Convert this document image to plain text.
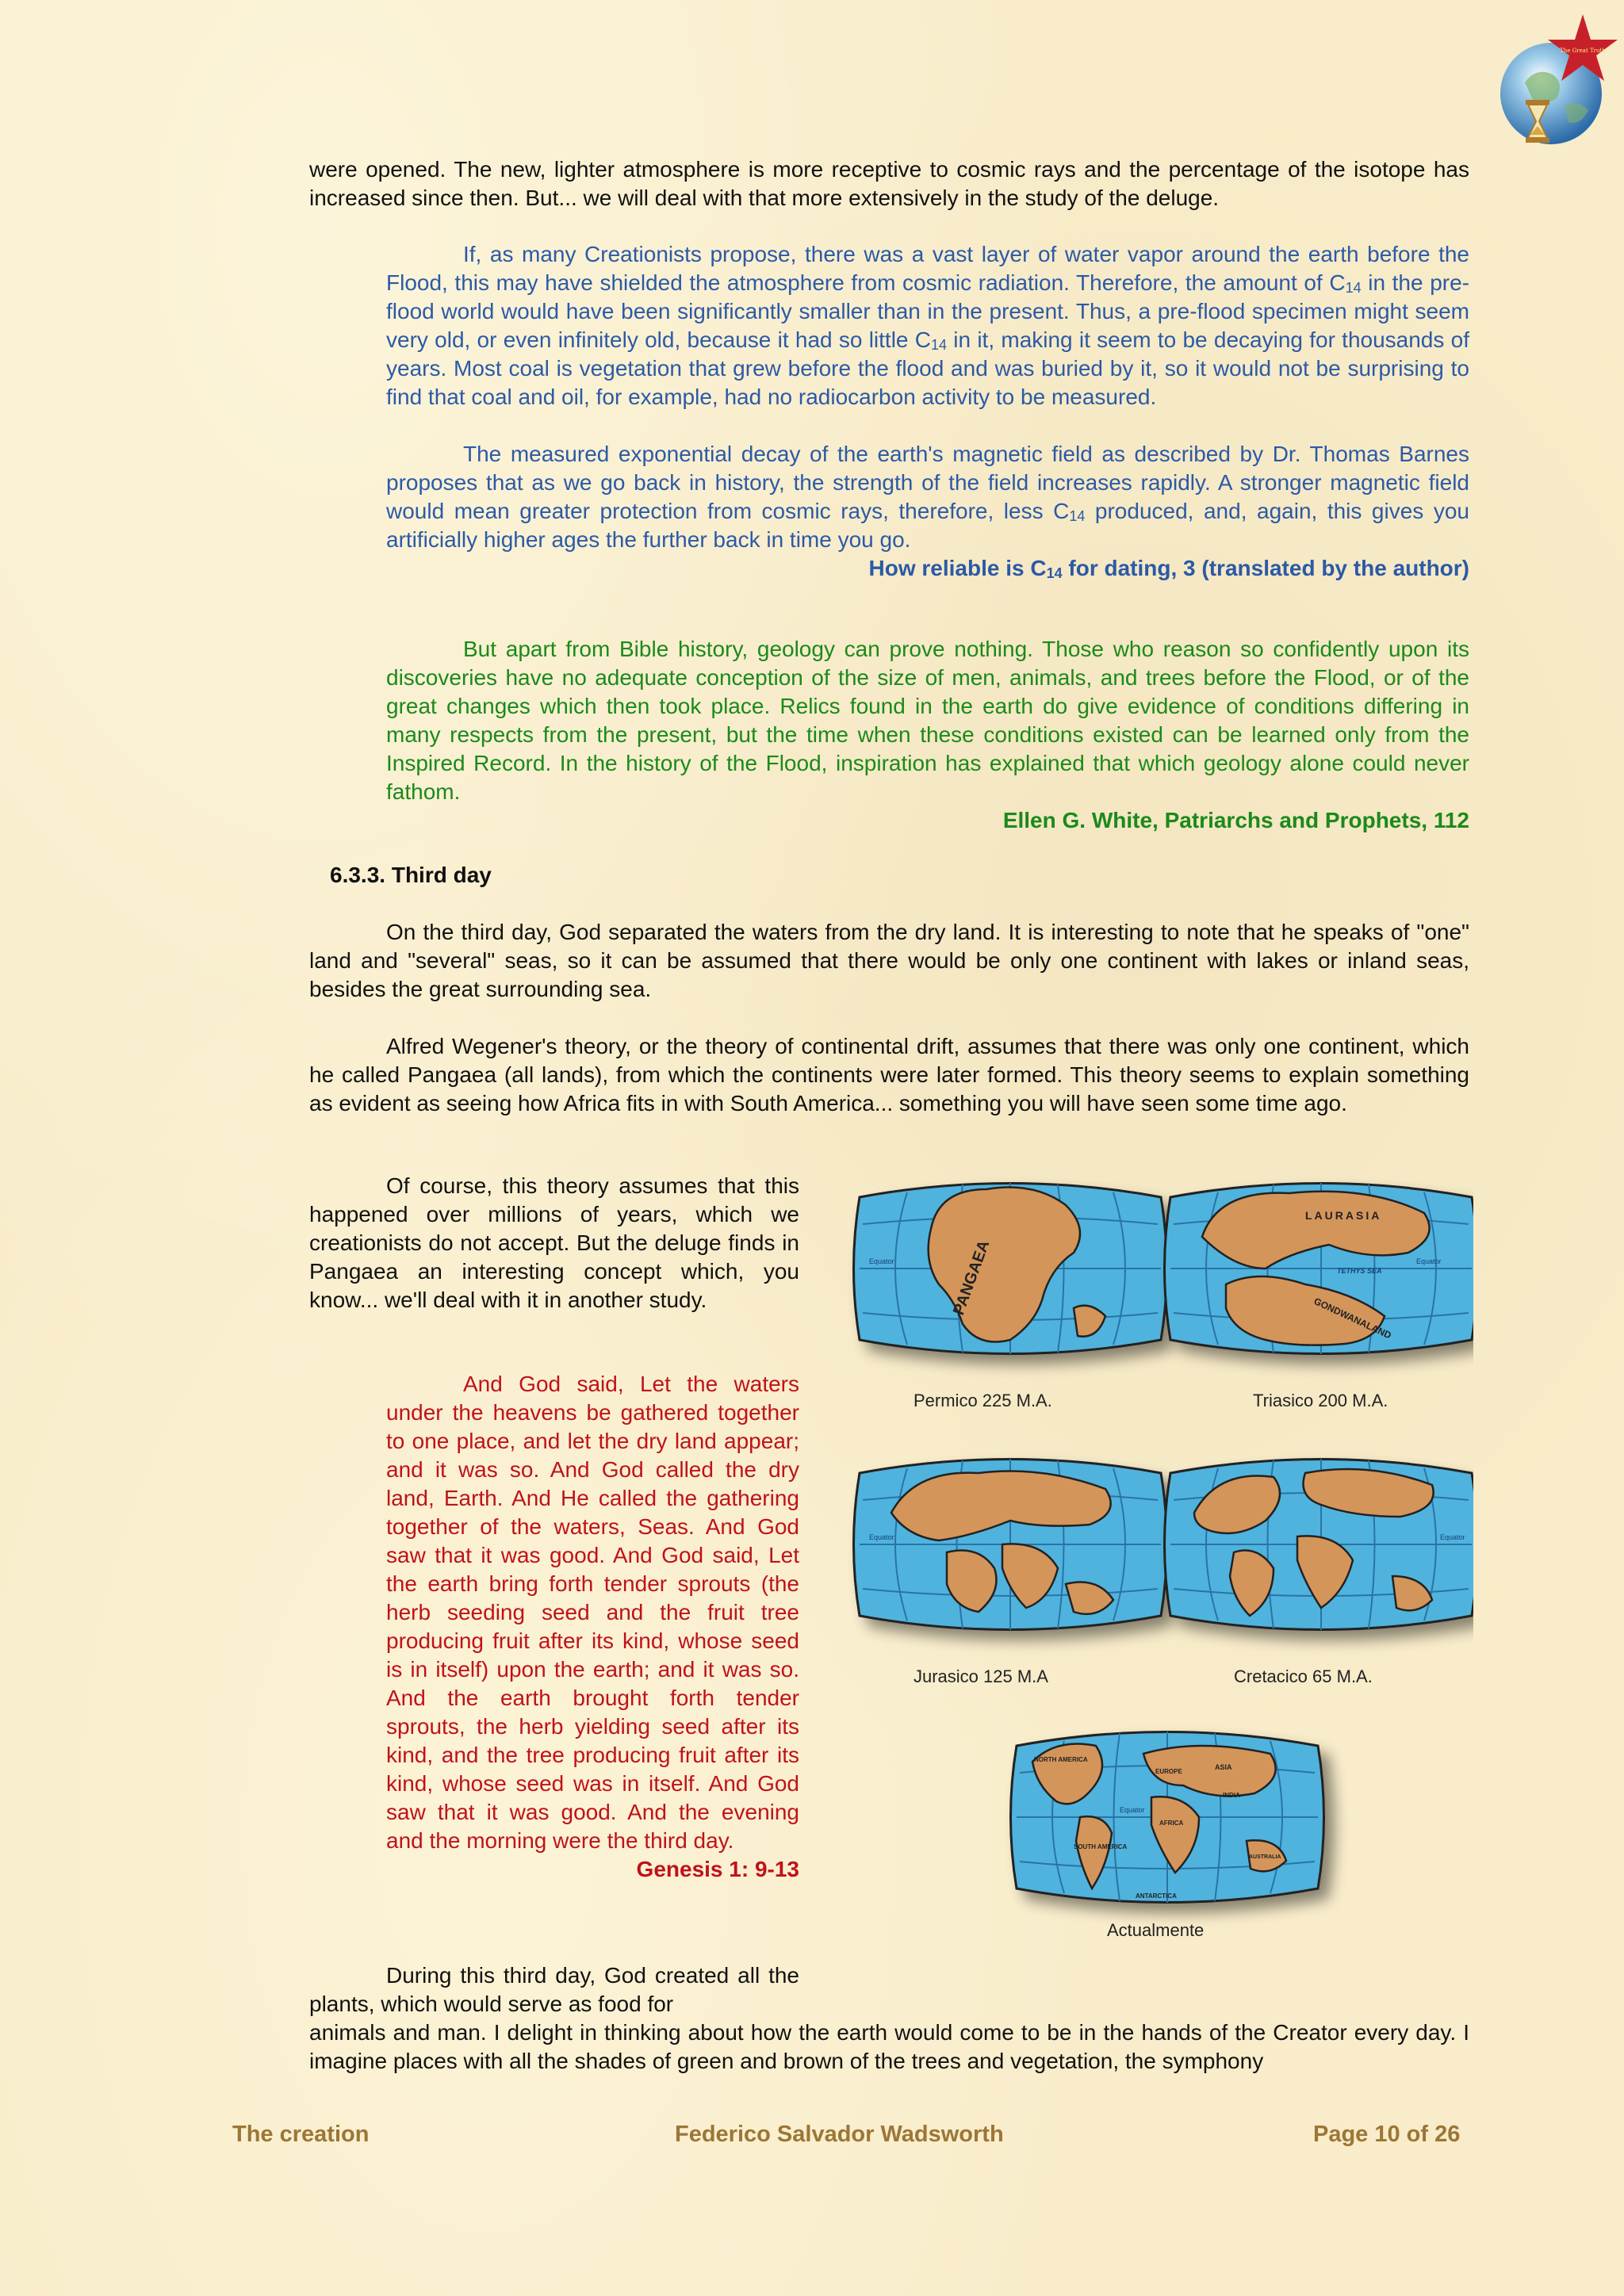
The Great Truth

were opened. The new, lighter atmosphere is more receptive to cosmic rays and the percentage of the isotope has increased since then. But... we will deal with that more extensively in the study of the deluge.

If, as many Creationists propose, there was a vast layer of water vapor around the earth before the Flood, this may have shielded the atmosphere from cosmic radiation. Therefore, the amount of $C_{14}$ in the pre-flood world would have been significantly smaller than in the present. Thus, a pre-flood specimen might seem very old, or even infinitely old, because it had so little $C_{14}$ in it, making it seem to be decaying for thousands of years. Most coal is vegetation that grew before the flood and was buried by it, so it would not be surprising to find that coal and oil, for example, had no radiocarbon activity to be measured.

The measured exponential decay of the earth's magnetic field as described by Dr. Thomas Barnes proposes that as we go back in history, the strength of the field increases rapidly. A stronger magnetic field would mean greater protection from cosmic rays, therefore, less $C_{14}$ produced, and, again, this gives you artificially higher ages the further back in time you go.

How reliable is $C_{14}$ for dating, 3 (translated by the author)

But apart from Bible history, geology can prove nothing. Those who reason so confidently upon its discoveries have no adequate conception of the size of men, animals, and trees before the Flood, or of the great changes which then took place. Relics found in the earth do give evidence of conditions differing in many respects from the present, but the time when these conditions existed can be learned only from the Inspired Record. In the history of the Flood, inspiration has explained that which geology alone could never fathom.

Ellen G. White, Patriarchs and Prophets, 112

6.3.3. Third day

On the third day, God separated the waters from the dry land. It is interesting to note that he speaks of "one" land and "several" seas, so it can be assumed that there would be only one continent with lakes or inland seas, besides the great surrounding sea.

Alfred Wegener's theory, or the theory of continental drift, assumes that there was only one continent, which he called Pangaea (all lands), from which the continents were later formed. This theory seems to explain something as evident as seeing how Africa fits in with South America... something you will have seen some time ago.

Of course, this theory assumes that this happened over millions of years, which we creationists do not accept. But the deluge finds in Pangaea an interesting concept which, you know... we'll deal with it in another study.

And God said, Let the waters under the heavens be gathered together to one place, and let the dry land appear; and it was so. And God called the dry land, Earth. And He called the gathering together of the waters, Seas. And God saw that it was good. And God said, Let the earth bring forth tender sprouts (the herb seeding seed and the fruit tree producing fruit after its kind, whose seed is in itself) upon the earth; and it was so. And the earth brought forth tender sprouts, the herb yielding seed after its kind, and the tree producing fruit after its kind, whose seed was in itself. And God saw that it was good. And the evening and the morning were the third day.

Genesis 1: 9-13

During this third day, God created all the plants, which would serve as food for

animals and man. I delight in thinking about how the earth would come to be in the hands of the Creator every day. I imagine places with all the shades of green and brown of the trees and vegetation, the symphony

PANGAEA
Equator
Permico 225 M.A.
LAURASIA
TETHYS SEA
GONDWANALAND
Equator
Triasico 200 M.A.
Equator
Jurasico 125 M.A
Equator
Cretacico 65 M.A.
NORTH AMERICA
SOUTH AMERICA
EUROPE
ASIA
AFRICA
INDIA
AUSTRALIA
ANTARCTICA
Equator
Actualmente
The creation	Federico Salvador Wadsworth	Page 10 of 26
